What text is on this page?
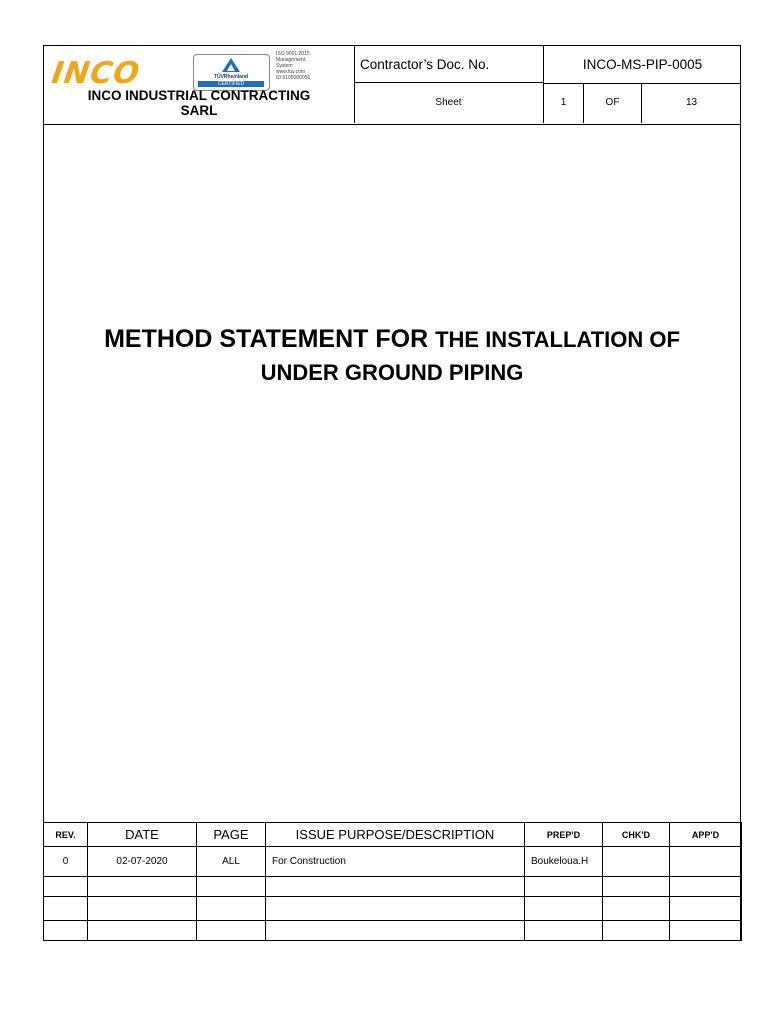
INCO	TÜVRheinland
CERTIFIED
ISO 9001:2015
Management
System
www.tuv.com
ID 9105080056
INCO INDUSTRIAL CONTRACTING
SARL
Contractor’s Doc. No.	INCO-MS-PIP-0005
Sheet	1	OF	13
METHOD STATEMENT FOR THE INSTALLATION OF
UNDER GROUND PIPING
REV.	DATE	PAGE	ISSUE PURPOSE/DESCRIPTION	PREP'D	CHK'D	APP'D
0	02-07-2020	ALL	For Construction	Boukeloua.H		
